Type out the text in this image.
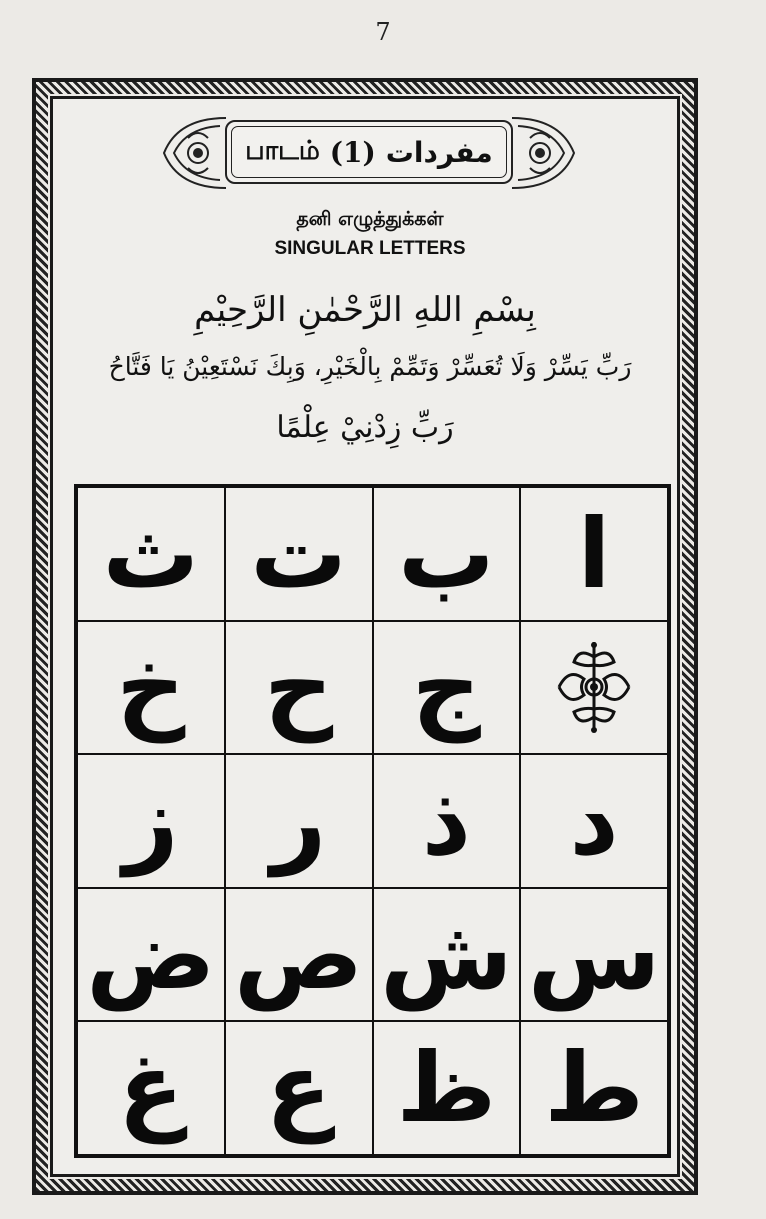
7
பாடம் (1) مفردات
தனி எழுத்துக்கள்
SINGULAR LETTERS
بِسْمِ اللهِ الرَّحْمٰنِ الرَّحِيْمِ
رَبِّ يَسِّرْ وَلَا تُعَسِّرْ وَتَمِّمْ بِالْخَيْرِ، وَبِكَ نَسْتَعِيْنُ يَا فَتَّاحُ
رَبِّ زِدْنِيْ عِلْمًا
ث ت ب ا
خ ح ج
ز ر ذ	د
ض ص ش س
غ ع ظ ط
